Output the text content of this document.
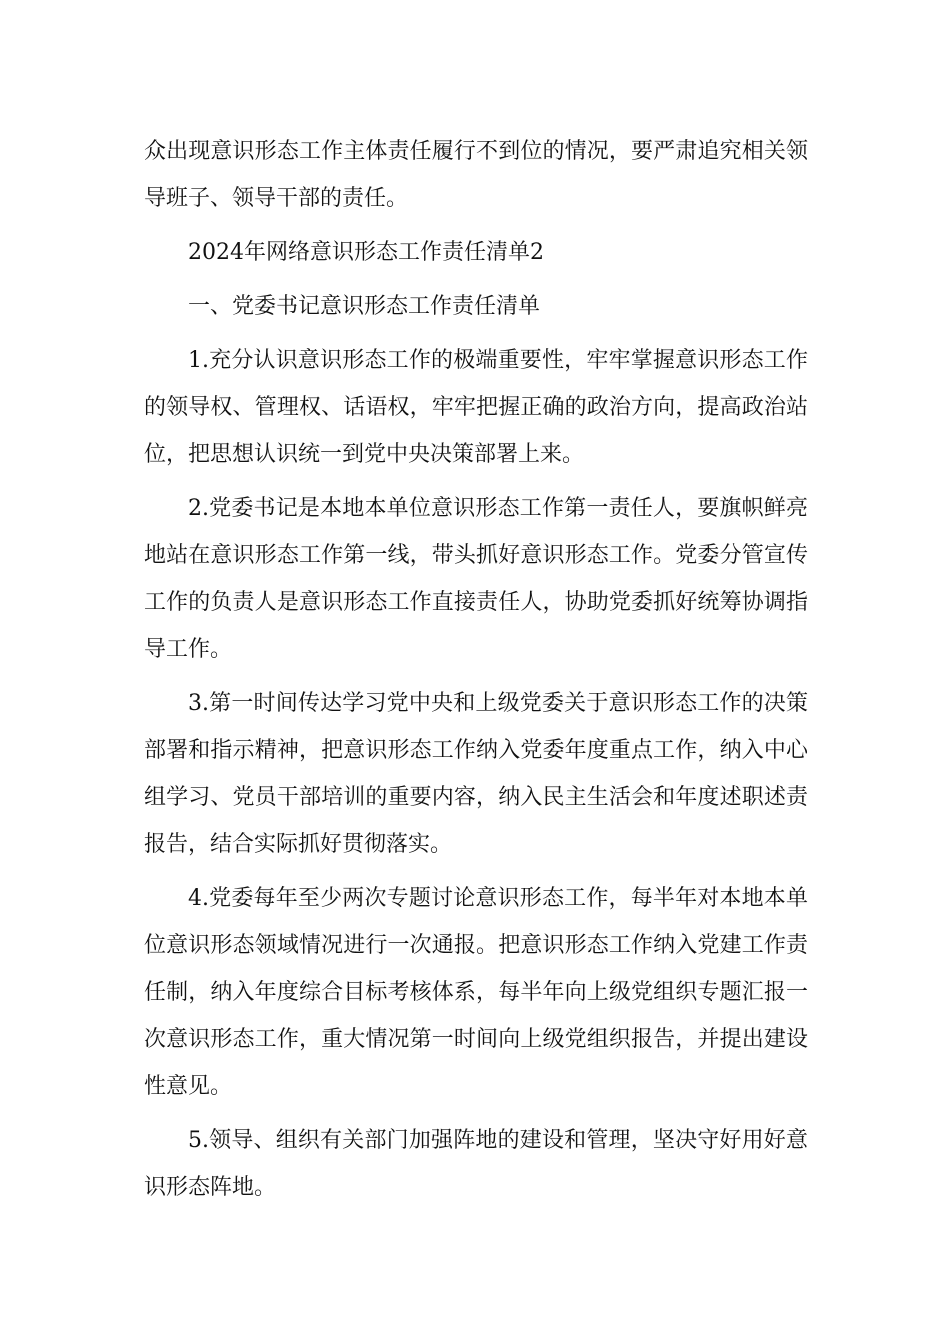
众出现意识形态工作主体责任履行不到位的情况，要严肃追究相关领导班子、领导干部的责任。

2024年网络意识形态工作责任清单2

一、党委书记意识形态工作责任清单

1.充分认识意识形态工作的极端重要性，牢牢掌握意识形态工作的领导权、管理权、话语权，牢牢把握正确的政治方向，提高政治站位，把思想认识统一到党中央决策部署上来。

2.党委书记是本地本单位意识形态工作第一责任人，要旗帜鲜亮地站在意识形态工作第一线，带头抓好意识形态工作。党委分管宣传工作的负责人是意识形态工作直接责任人，协助党委抓好统筹协调指导工作。

3.第一时间传达学习党中央和上级党委关于意识形态工作的决策部署和指示精神，把意识形态工作纳入党委年度重点工作，纳入中心组学习、党员干部培训的重要内容，纳入民主生活会和年度述职述责报告，结合实际抓好贯彻落实。

4.党委每年至少两次专题讨论意识形态工作，每半年对本地本单位意识形态领域情况进行一次通报。把意识形态工作纳入党建工作责任制，纳入年度综合目标考核体系，每半年向上级党组织专题汇报一次意识形态工作，重大情况第一时间向上级党组织报告，并提出建设性意见。

5.领导、组织有关部门加强阵地的建设和管理，坚决守好用好意识形态阵地。
